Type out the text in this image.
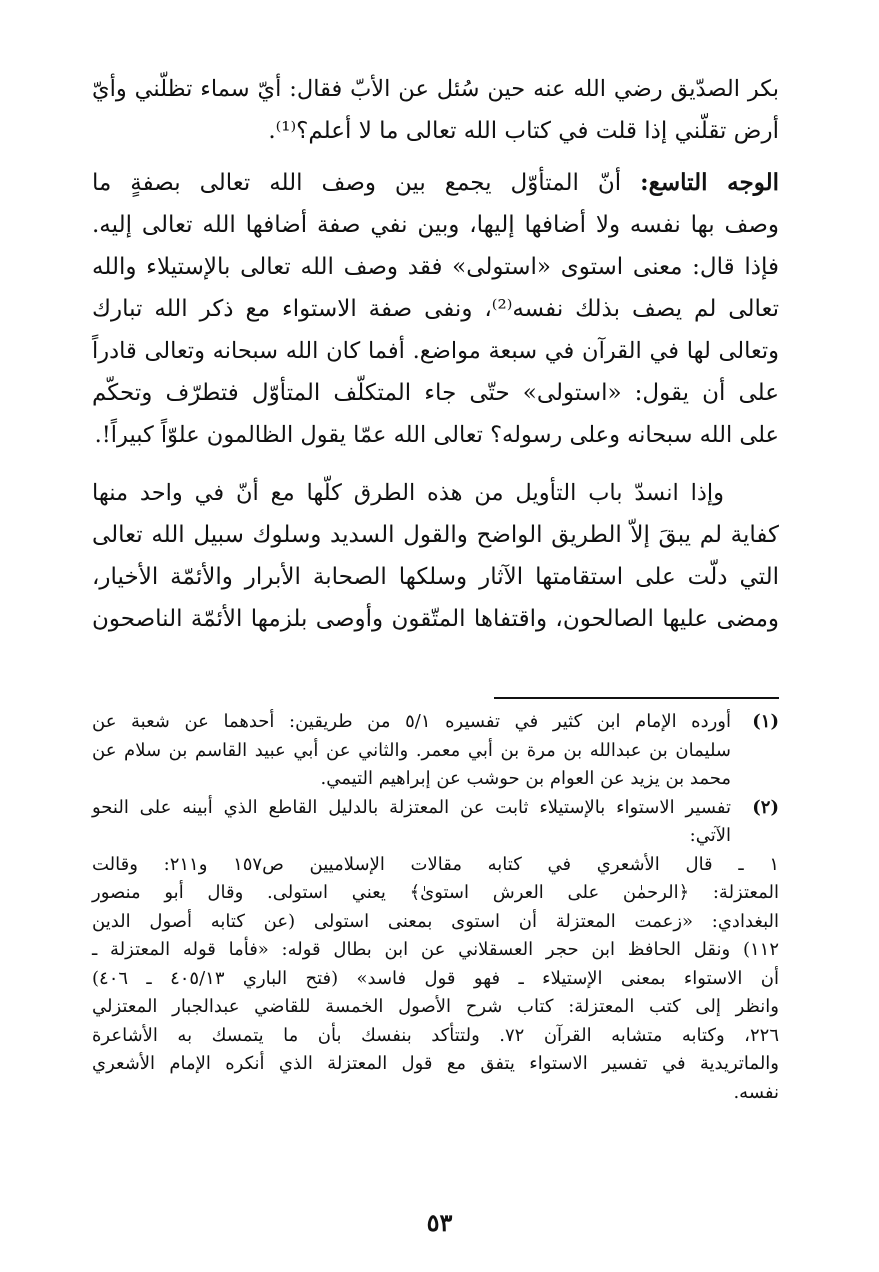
بكر الصدّيق رضي الله عنه حين سُئل عن الأبّ فقال: أيّ سماء تظلّني وأيّ
أرض تقلّني إذا قلت في كتاب الله تعالى ما لا أعلم؟⁽¹⁾.

الوجه التاسع: أنّ المتأوّل يجمع بين وصف الله تعالى بصفةٍ ما
وصف بها نفسه ولا أضافها إليها، وبين نفي صفة أضافها الله تعالى إليه.
فإذا قال: معنى استوى «استولى» فقد وصف الله تعالى بالإستيلاء والله
تعالى لم يصف بذلك نفسه⁽²⁾، ونفى صفة الاستواء مع ذكر الله تبارك
وتعالى لها في القرآن في سبعة مواضع. أفما كان الله سبحانه وتعالى قادراً
على أن يقول: «استولى» حتّى جاء المتكلّف المتأوّل فتطرّف وتحكّم
على الله سبحانه وعلى رسوله؟ تعالى الله عمّا يقول الظالمون علوّاً كبيراً!.

وإذا انسدّ باب التأويل من هذه الطرق كلّها مع أنّ في واحد منها
كفاية لم يبقَ إلاّ الطريق الواضح والقول السديد وسلوك سبيل الله تعالى
التي دلّت على استقامتها الآثار وسلكها الصحابة الأبرار والأئمّة الأخيار،
ومضى عليها الصالحون، واقتفاها المتّقون وأوصى بلزمها الأئمّة الناصحون

(١)
أورده الإمام ابن كثير في تفسيره ٥/١ من طريقين: أحدهما عن شعبة عن
سليمان بن عبدالله بن مرة بن أبي معمر. والثاني عن أبي عبيد القاسم بن سلام عن
محمد بن يزيد عن العوام بن حوشب عن إبراهيم التيمي.
(٢)
تفسير الاستواء بالإستيلاء ثابت عن المعتزلة بالدليل القاطع الذي أبينه على النحو
الآتي:
١ ـ قال الأشعري في كتابه مقالات الإسلاميين ص١٥٧ و٢١١: وقالت
المعتزلة: ﴿الرحمٰن على العرش استوىٰ﴾ يعني استولى. وقال أبو منصور
البغدادي: «زعمت المعتزلة أن استوى بمعنى استولى (عن كتابه أصول الدين
١١٢) ونقل الحافظ ابن حجر العسقلاني عن ابن بطال قوله: «فأما قوله المعتزلة ـ
أن الاستواء بمعنى الإستيلاء ـ فهو قول فاسد» (فتح الباري ٤٠٥/١٣ ـ ٤٠٦)
وانظر إلى كتب المعتزلة: كتاب شرح الأصول الخمسة للقاضي عبدالجبار المعتزلي
٢٢٦، وكتابه متشابه القرآن ٧٢. ولتتأكد بنفسك بأن ما يتمسك به الأشاعرة
والماتريدية في تفسير الاستواء يتفق مع قول المعتزلة الذي أنكره الإمام الأشعري
نفسه.
٥٣
